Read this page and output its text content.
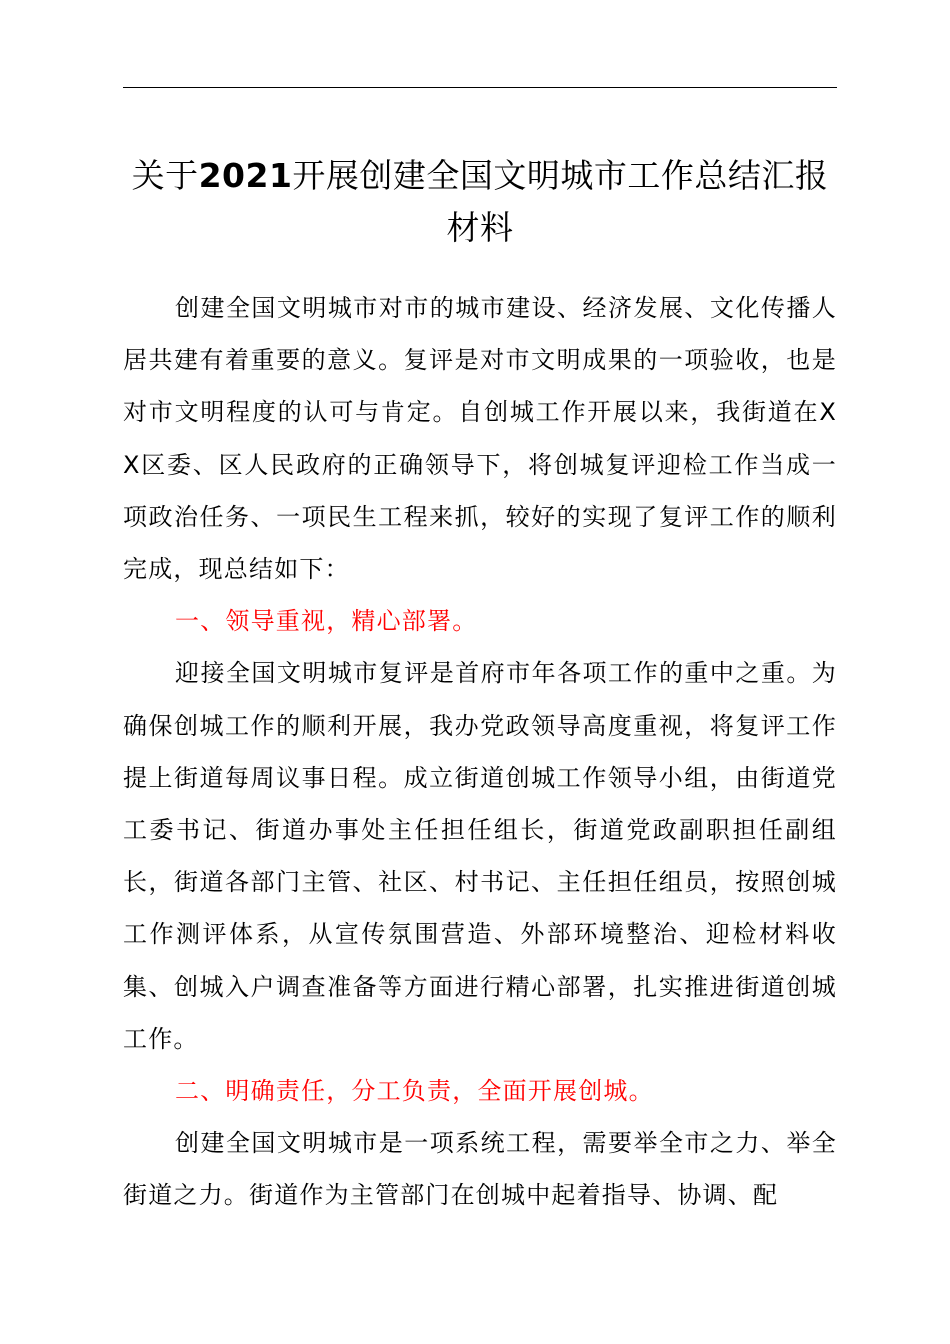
关于2021开展创建全国文明城市工作总结汇报材料

创建全国文明城市对市的城市建设、经济发展、文化传播人居共建有着重要的意义。复评是对市文明成果的一项验收，也是对市文明程度的认可与肯定。自创城工作开展以来，我街道在XX区委、区人民政府的正确领导下，将创城复评迎检工作当成一项政治任务、一项民生工程来抓，较好的实现了复评工作的顺利完成，现总结如下：

一、领导重视，精心部署。

迎接全国文明城市复评是首府市年各项工作的重中之重。为确保创城工作的顺利开展，我办党政领导高度重视，将复评工作提上街道每周议事日程。成立街道创城工作领导小组，由街道党工委书记、街道办事处主任担任组长，街道党政副职担任副组长，街道各部门主管、社区、村书记、主任担任组员，按照创城工作测评体系，从宣传氛围营造、外部环境整治、迎检材料收集、创城入户调查准备等方面进行精心部署，扎实推进街道创城工作。

二、明确责任，分工负责，全面开展创城。

创建全国文明城市是一项系统工程，需要举全市之力、举全街道之力。街道作为主管部门在创城中起着指导、协调、配
